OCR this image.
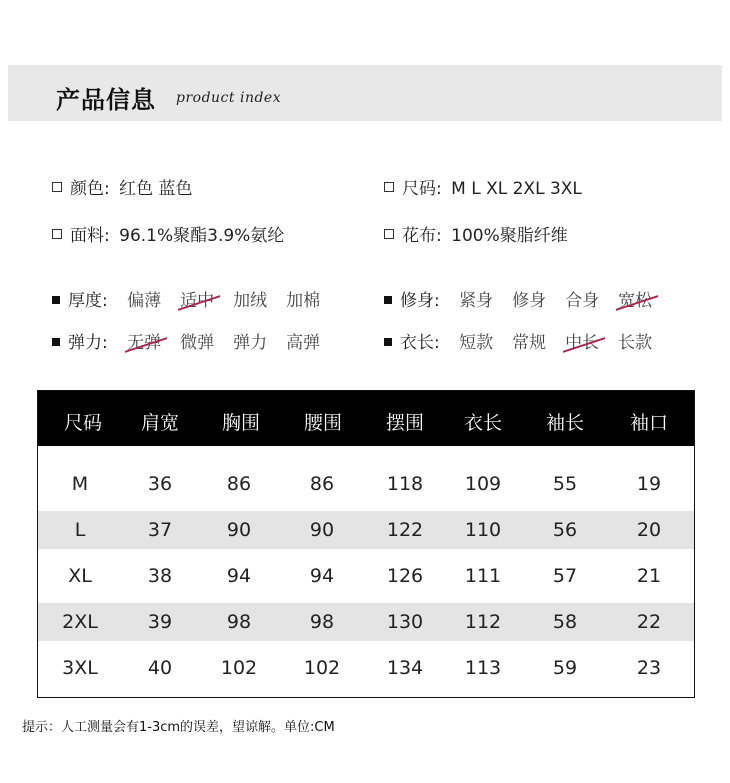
产品信息 product index
颜色: 红色 蓝色	尺码: M L XL 2XL 3XL
面料: 96.1%聚酯3.9%氨纶	花布: 100%聚脂纤维
厚度: 偏薄 适中 加绒 加棉	修身: 紧身 修身 合身 宽松
弹力: 无弹 微弹 弹力 高弹	衣长: 短款 常规 中长 长款
尺码 肩宽 胸围 腰围 摆围 衣长 袖长 袖口
M	36	86	86	118 109	55	19
L	37	90	90	122 110	56	20
XL	38	94	94	126 111	57	21
2XL	39	98	98	130 112	58	22
3XL	40	102 102 134 113	59	23
提示：人工测量会有1-3cm的误差，望谅解。单位:CM
